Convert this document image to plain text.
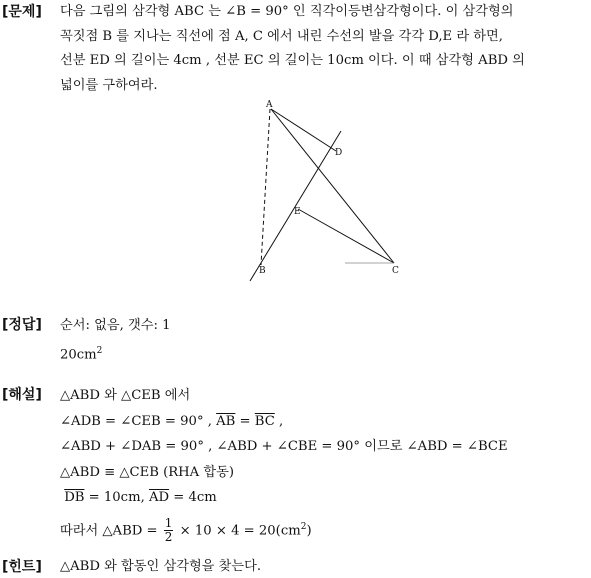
[문제] 다음 그림의 삼각형 ABC 는 ∠B = 90° 인 직각이등변삼각형이다. 이 삼각형의
꼭짓점 B 를 지나는 직선에 점 A, C 에서 내린 수선의 발을 각각 D,E 라 하면,
선분 ED 의 길이는 4cm , 선분 EC 의 길이는 10cm 이다. 이 때 삼각형 ABD 의
넓이를 구하여라.
A
D
E
B	C
[정답] 순서: 없음, 갯수: 1
$20cm^2$
[해설] △ABD 와 △CEB 에서
∠ADB = ∠CEB = 90° , $\overline{AB} = \overline{BC}$ ,
∠ABD + ∠DAB = 90° , ∠ABD + ∠CBE = 90° 이므로 ∠ABD = ∠BCE
△ABD ≡ △CEB (RHA 합동)
$\overline{DB} = 10cm$, $\overline{AD} = 4cm$
따라서 △ABD = $\frac{1}{2} \times 10 \times 4 = 20(cm^2)$
[힌트] △ABD 와 합동인 삼각형을 찾는다.
